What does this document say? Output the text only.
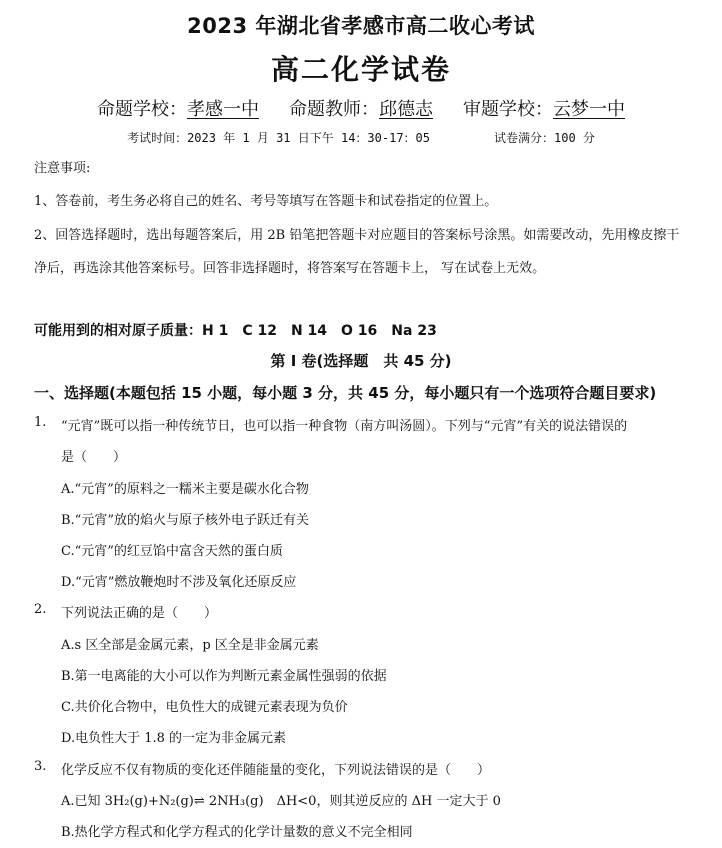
2023 年湖北省孝感市高二收心考试
高二化学试卷
命题学校：孝感一中 命题教师：邱德志 审题学校：云梦一中
考试时间：2023 年 1 月 31 日下午 14：30-17：05	试卷满分：100 分
注意事项:
1、答卷前，考生务必将自己的姓名、考号等填写在答题卡和试卷指定的位置上。
2、回答选择题时，选出每题答案后，用 2B 铅笔把答题卡对应题目的答案标号涂黑。如需要改动，先用橡皮擦干
净后，再选涂其他答案标号。回答非选择题时，将答案写在答题卡上， 写在试卷上无效。
可能用到的相对原子质量：H 1　C 12　N 14　O 16　Na 23
第 I 卷(选择题　共 45 分)
一、选择题(本题包括 15 小题，每小题 3 分，共 45 分，每小题只有一个选项符合题目要求)
1. “元宵”既可以指一种传统节日，也可以指一种食物（南方叫汤圆）。下列与“元宵”有关的说法错误的
是（　　）
A.“元宵”的原料之一糯米主要是碳水化合物
B.“元宵”放的焰火与原子核外电子跃迁有关
C.“元宵”的红豆馅中富含天然的蛋白质
D.“元宵”燃放鞭炮时不涉及氧化还原反应
2. 下列说法正确的是（　　）
A.s 区全部是金属元素，p 区全是非金属元素
B.第一电离能的大小可以作为判断元素金属性强弱的依据
C.共价化合物中，电负性大的成键元素表现为负价
D.电负性大于 1.8 的一定为非金属元素
3. 化学反应不仅有物质的变化还伴随能量的变化，下列说法错误的是（　　）
A.已知 3H₂(g)+N₂(g)⇌ 2NH₃(g)　ΔH<0，则其逆反应的 ΔH 一定大于 0
B.热化学方程式和化学方程式的化学计量数的意义不完全相同
